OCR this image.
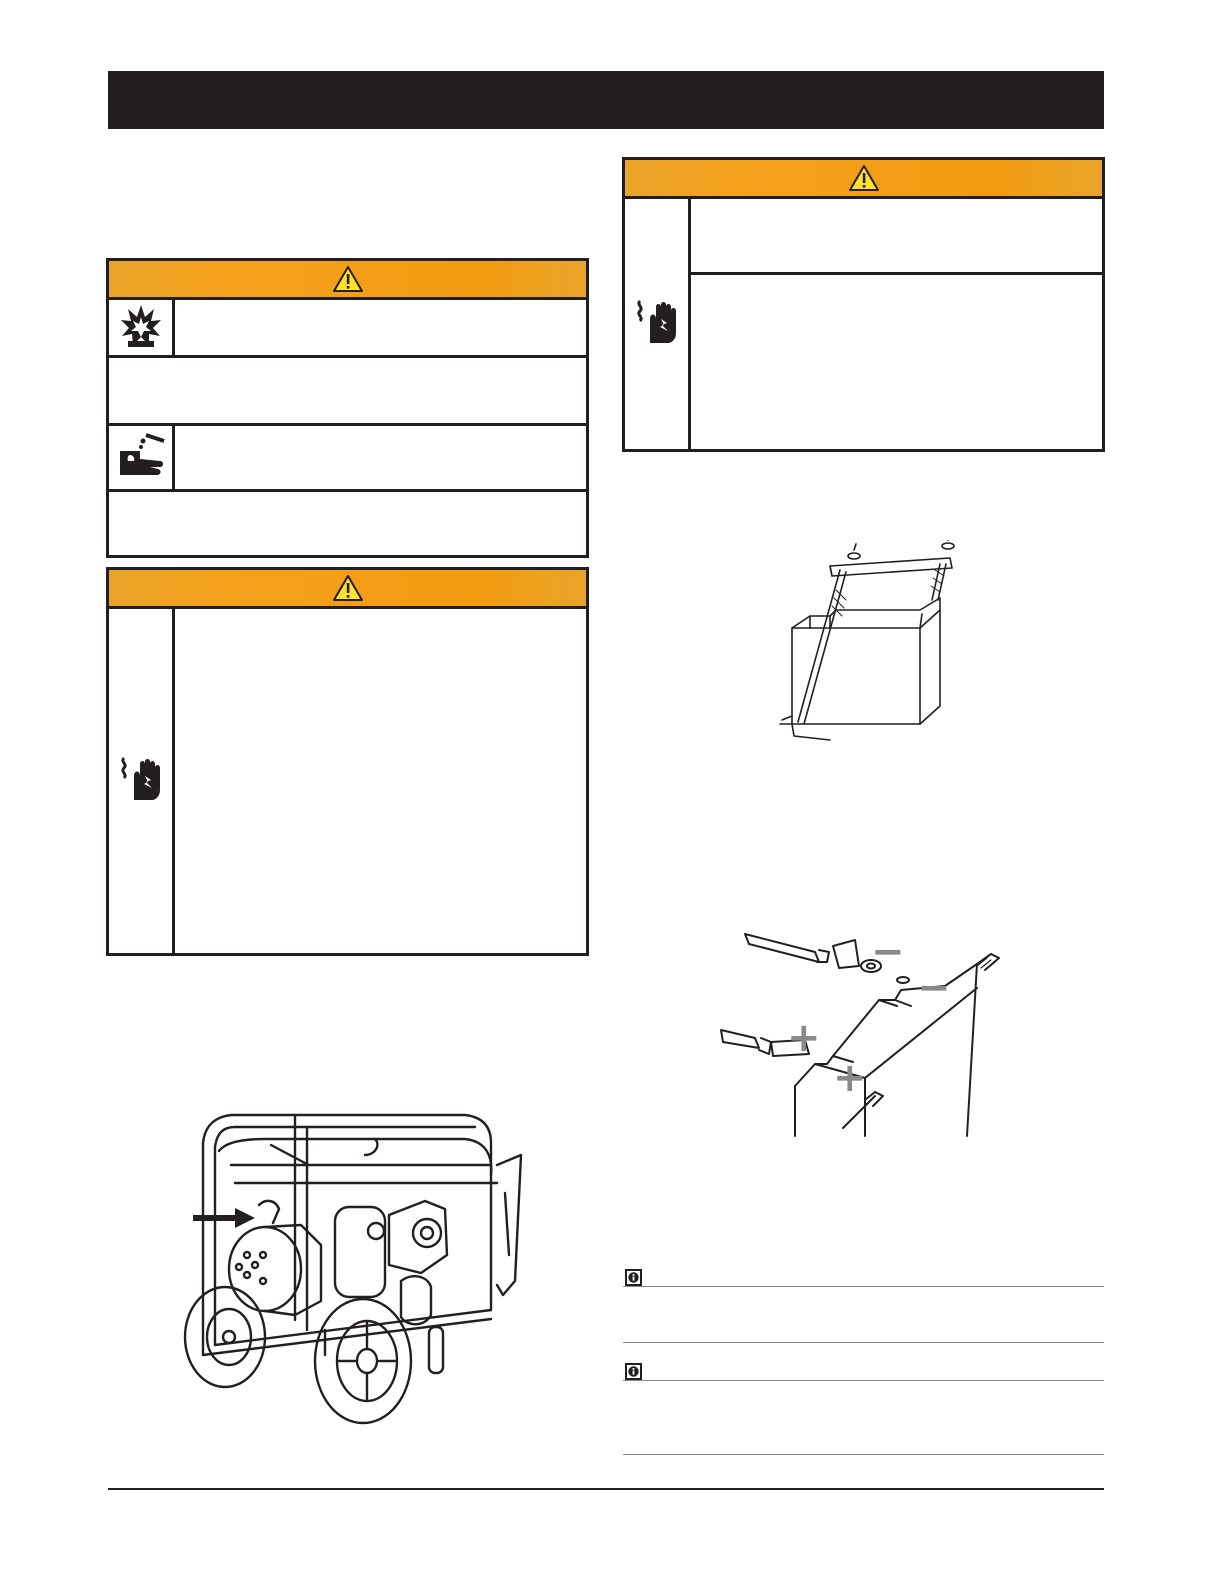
−
−
+
+
